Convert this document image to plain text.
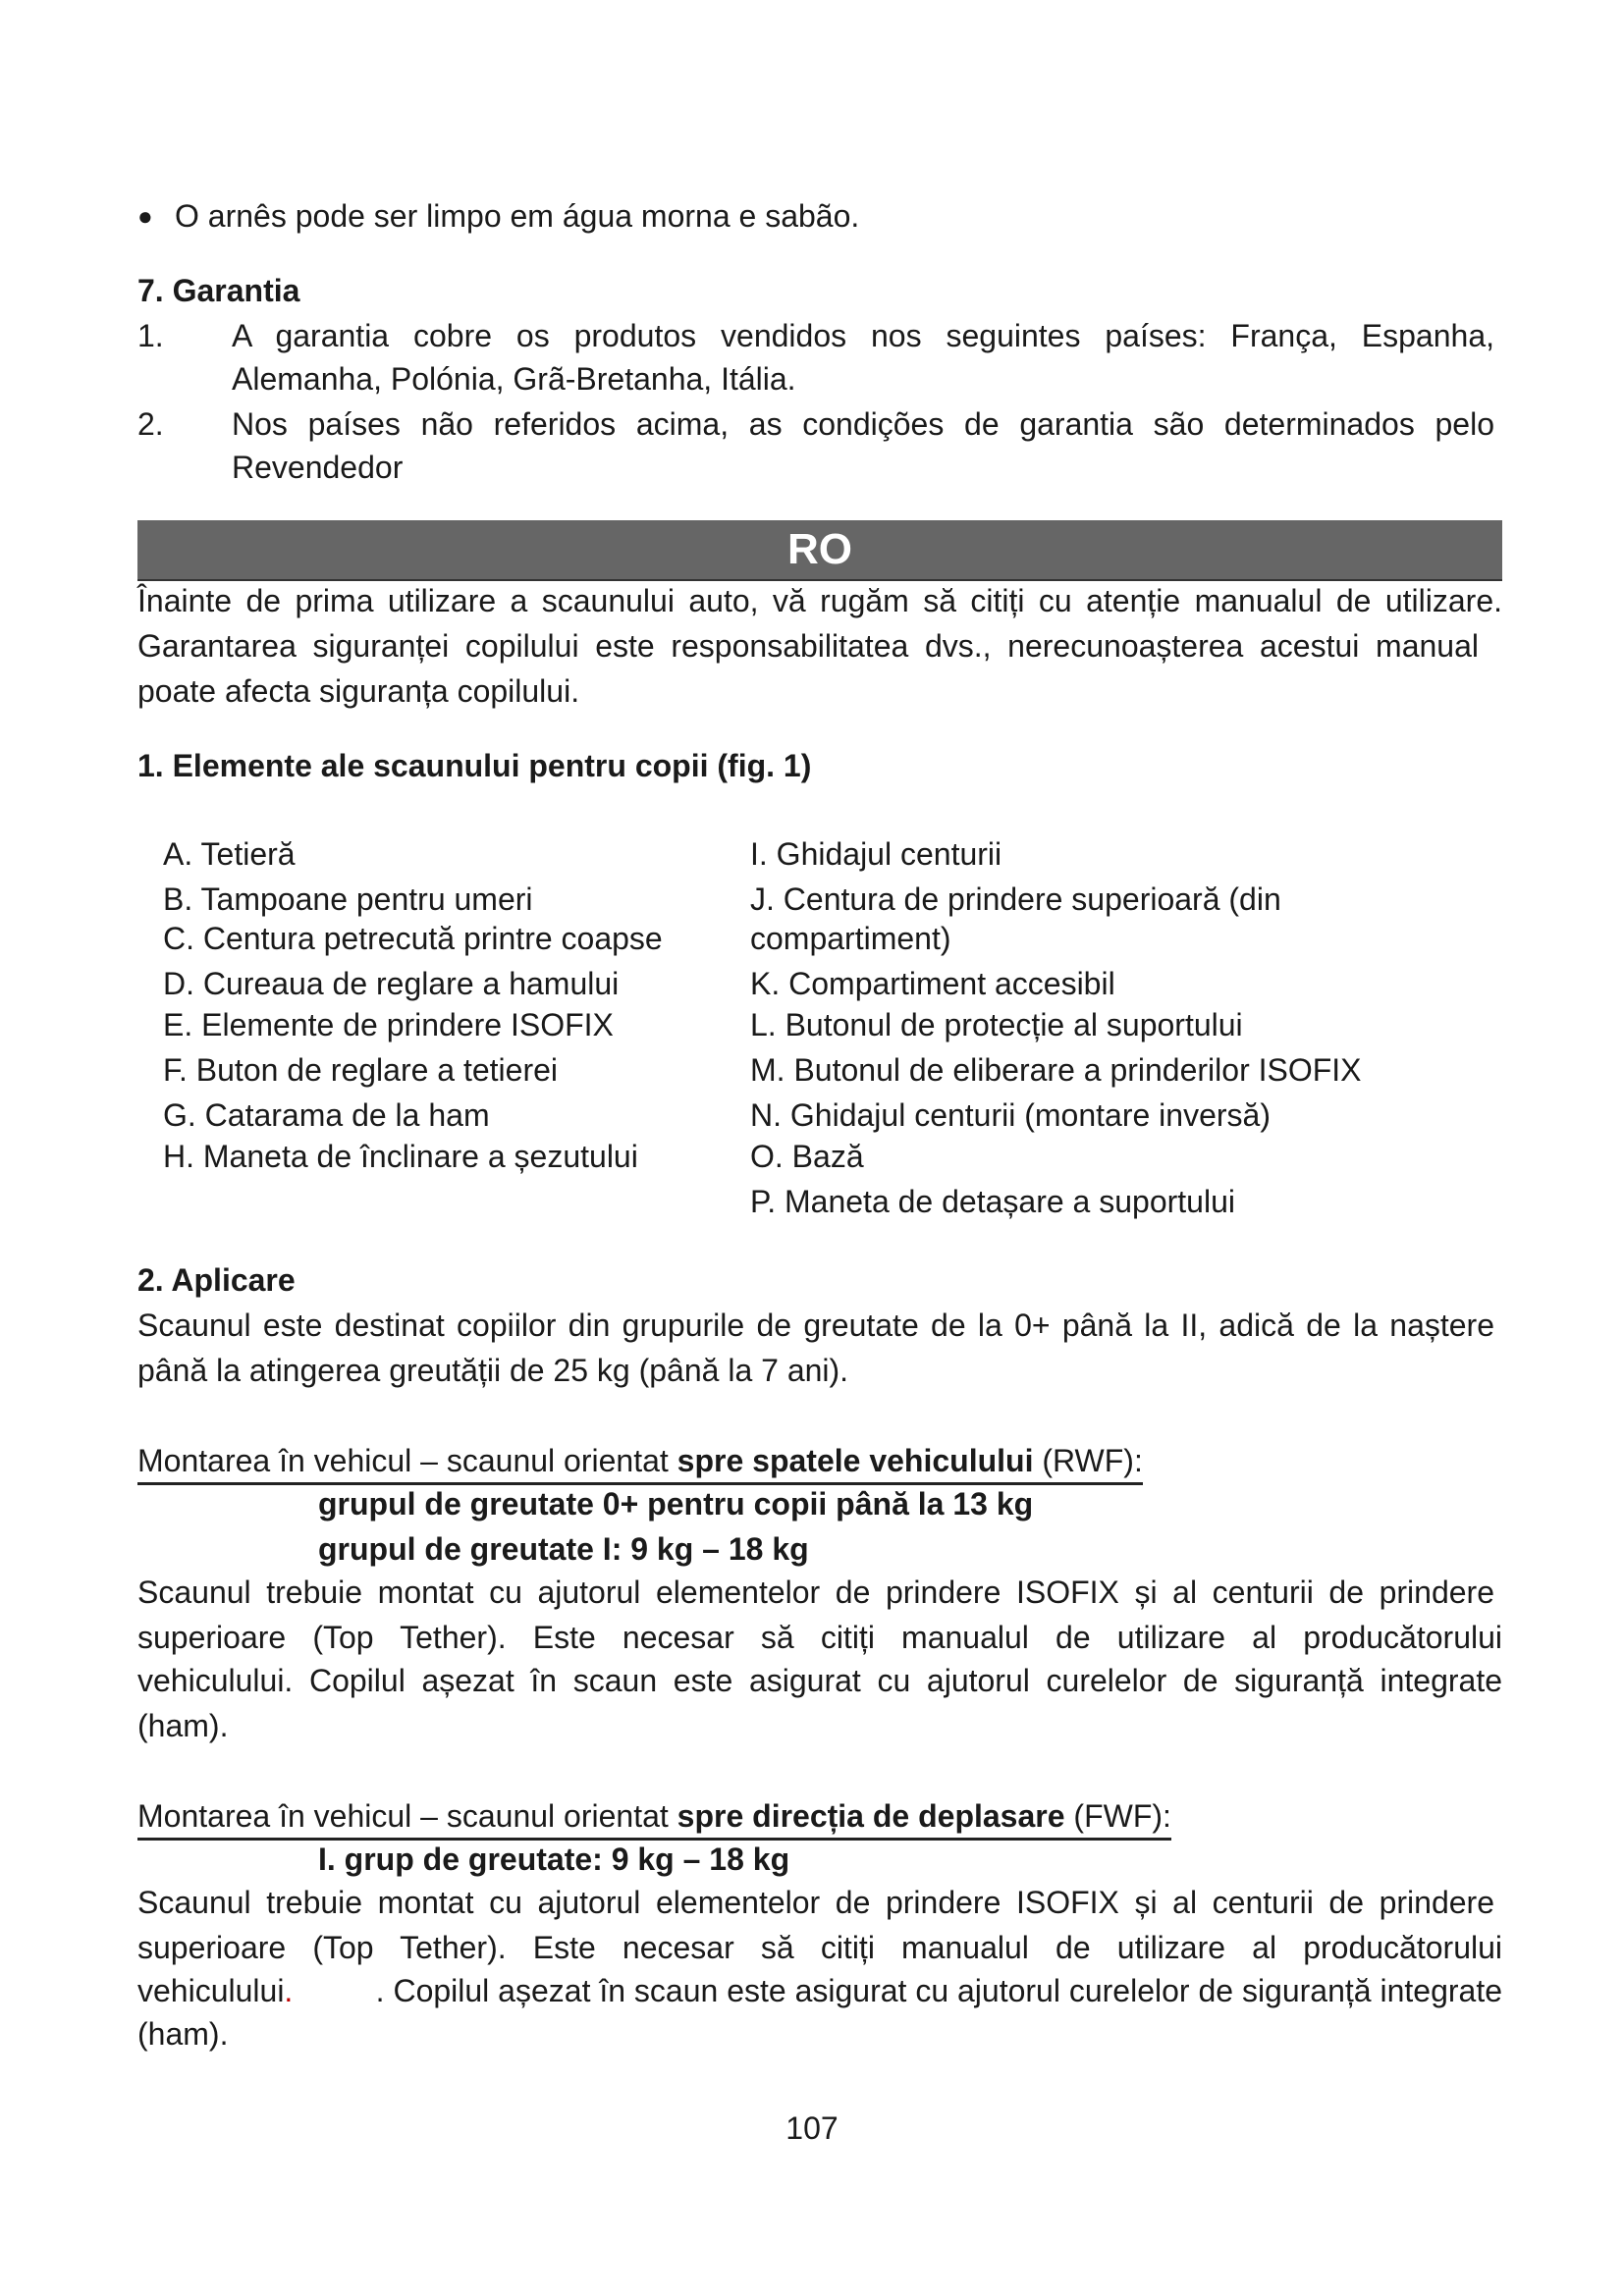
● O arnês pode ser limpo em água morna e sabão.
7. Garantia
1. A garantia cobre os produtos vendidos nos seguintes países: França, Espanha,
Alemanha, Polónia, Grã-Bretanha, Itália.
2. Nos países não referidos acima, as condições de garantia são determinados pelo
Revendedor
RO
Înainte de prima utilizare a scaunului auto, vă rugăm să citiți cu atenție manualul de utilizare.
Garantarea siguranței copilului este responsabilitatea dvs., nerecunoașterea acestui manual
poate afecta siguranța copilului.
1. Elemente ale scaunului pentru copii (fig. 1)
A. Tetieră
B. Tampoane pentru umeri
C. Centura petrecută printre coapse
D. Cureaua de reglare a hamului
E. Elemente de prindere ISOFIX
F. Buton de reglare a tetierei
G. Catarama de la ham
H. Maneta de înclinare a șezutului
I. Ghidajul centurii
J. Centura de prindere superioară (din
compartiment)
K. Compartiment accesibil
L. Butonul de protecție al suportului
M. Butonul de eliberare a prinderilor ISOFIX
N. Ghidajul centurii (montare inversă)
O. Bază
P. Maneta de detașare a suportului
2. Aplicare
Scaunul este destinat copiilor din grupurile de greutate de la 0+ până la II, adică de la naștere
până la atingerea greutății de 25 kg (până la 7 ani).
Montarea în vehicul – scaunul orientat spre spatele vehiculului (RWF):
grupul de greutate 0+ pentru copii până la 13 kg
grupul de greutate I: 9 kg – 18 kg
Scaunul trebuie montat cu ajutorul elementelor de prindere ISOFIX și al centurii de prindere
superioare (Top Tether). Este necesar să citiți manualul de utilizare al producătorului
vehiculului. Copilul așezat în scaun este asigurat cu ajutorul curelelor de siguranță integrate
(ham).
Montarea în vehicul – scaunul orientat spre direcția de deplasare (FWF):
I. grup de greutate: 9 kg – 18 kg
Scaunul trebuie montat cu ajutorul elementelor de prindere ISOFIX și al centurii de prindere
superioare (Top Tether). Este necesar să citiți manualul de utilizare al producătorului
vehiculului.	. Copilul așezat în scaun este asigurat cu ajutorul curelelor de siguranță integrate
(ham).
107
